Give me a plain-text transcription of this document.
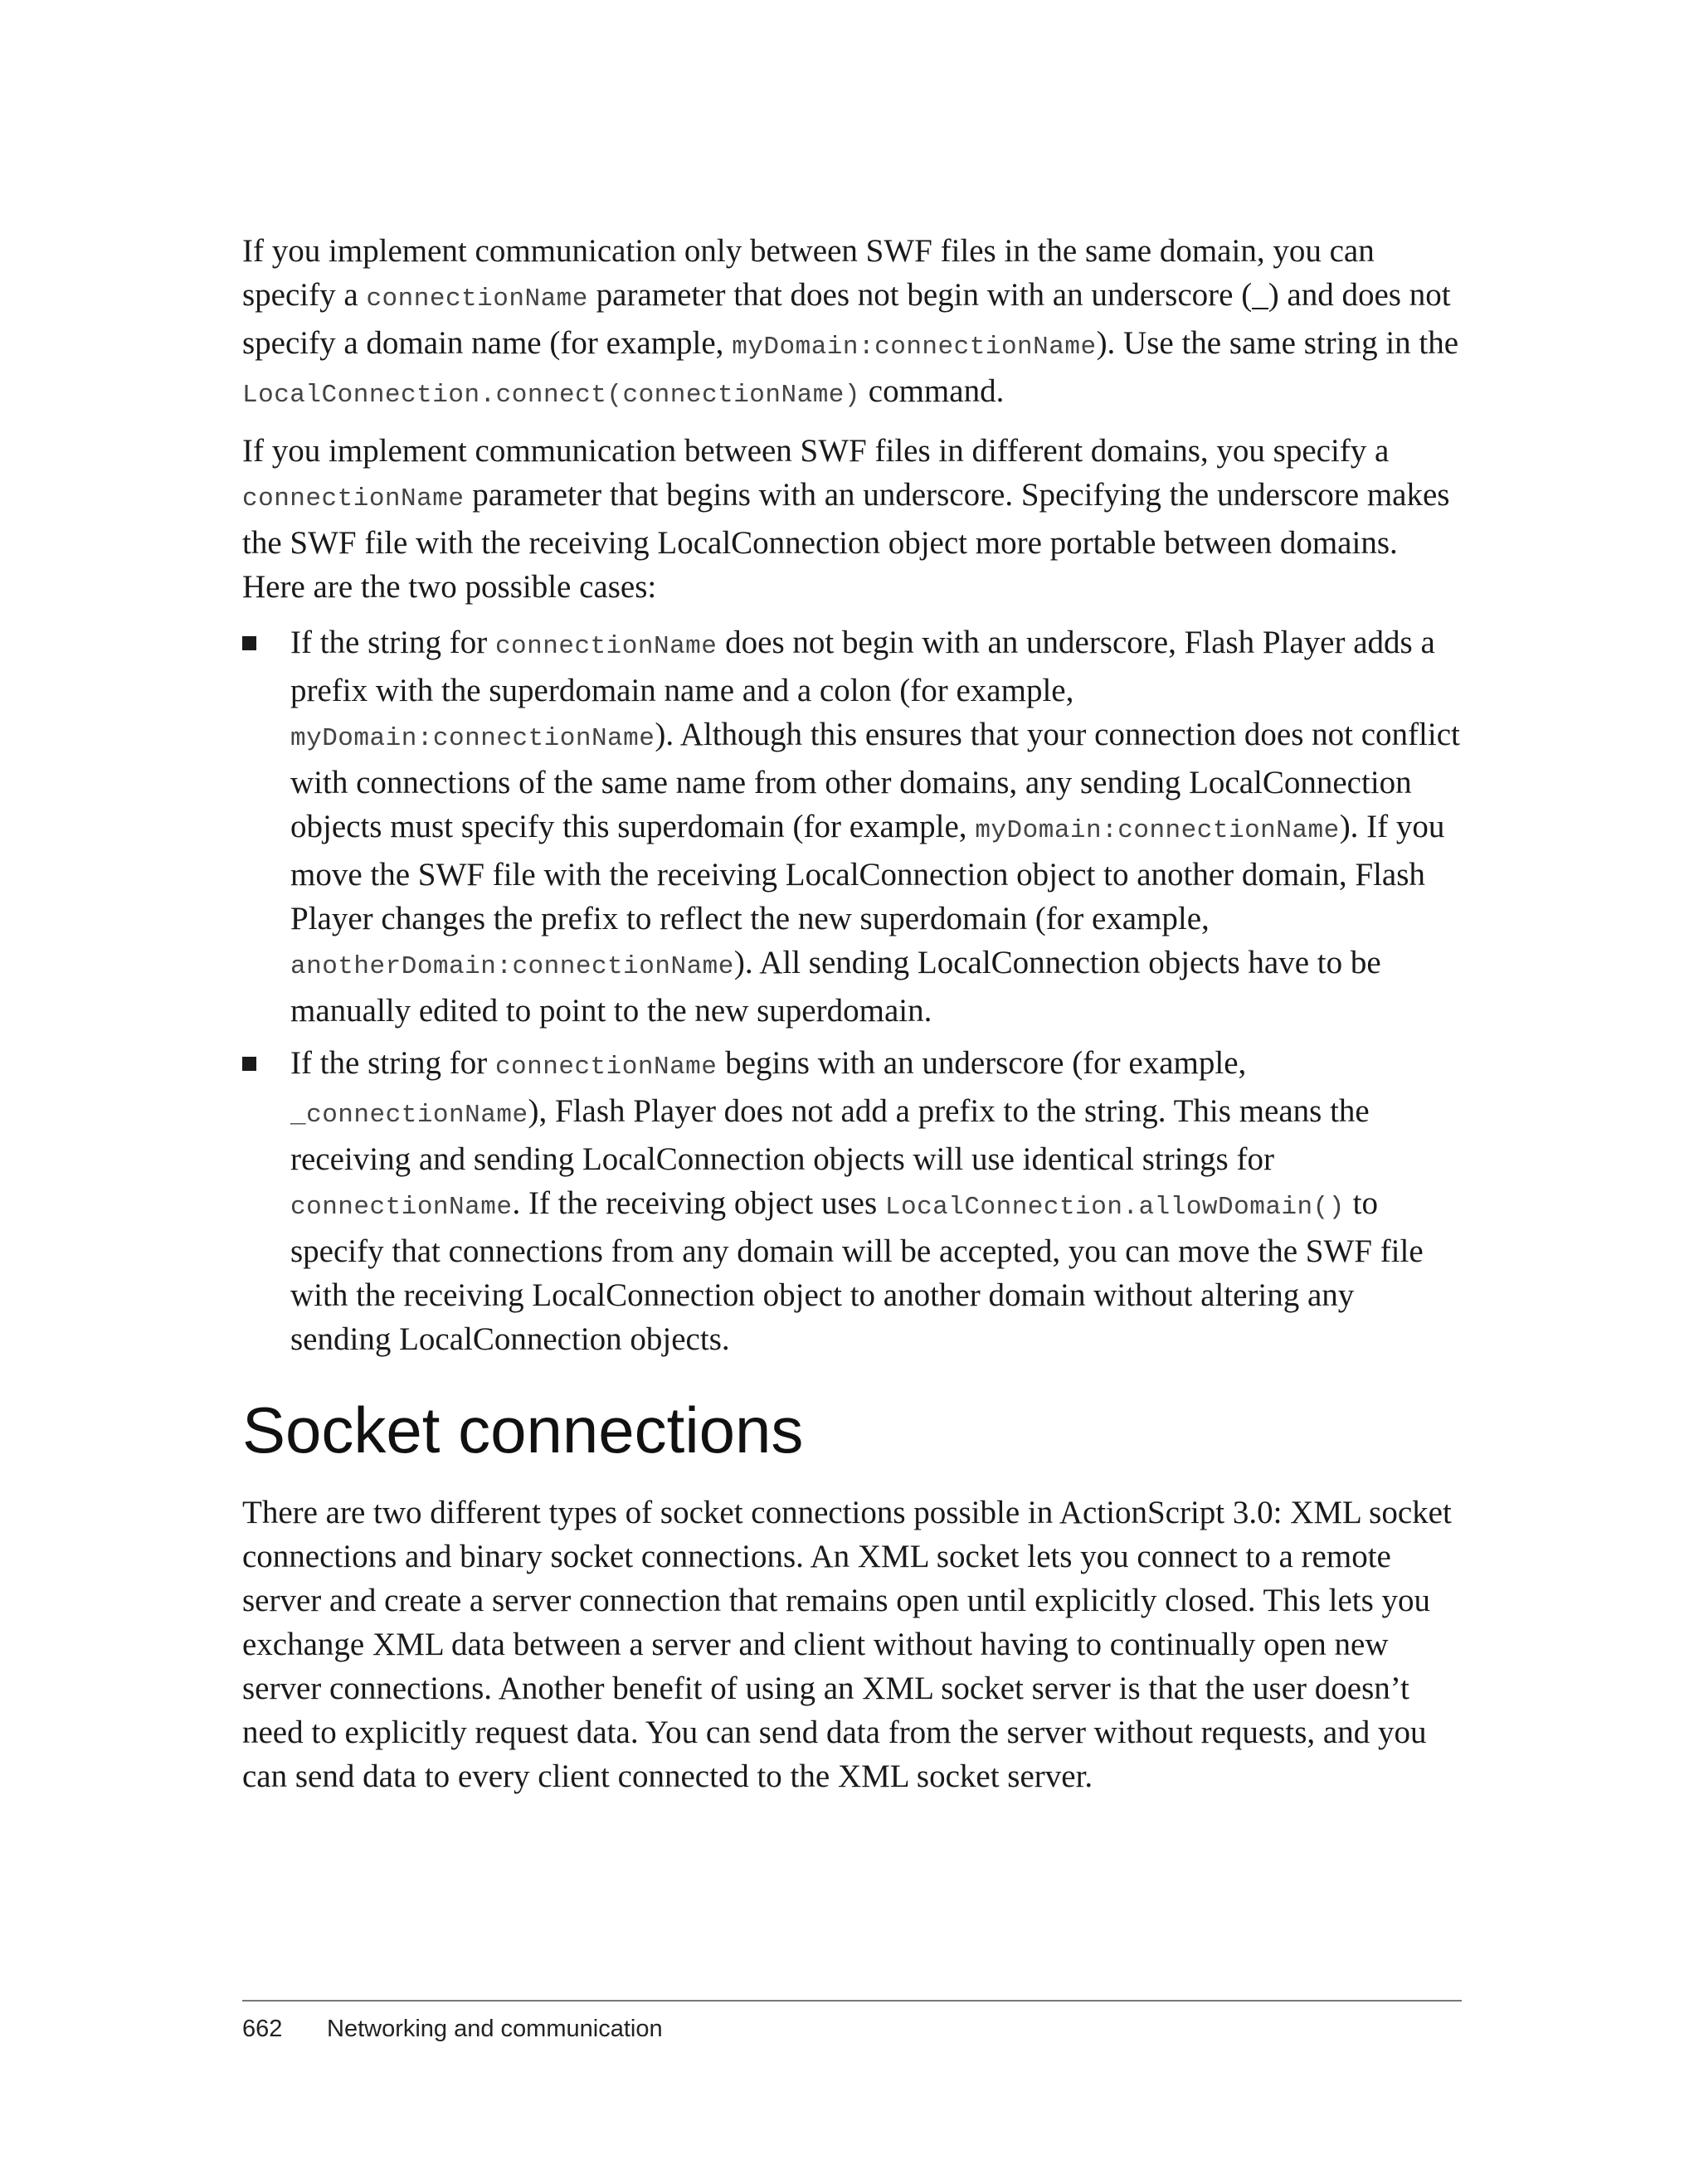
If you implement communication only between SWF files in the same domain, you can specify a connectionName parameter that does not begin with an underscore (_) and does not specify a domain name (for example, myDomain:connectionName). Use the same string in the LocalConnection.connect(connectionName) command.

If you implement communication between SWF files in different domains, you specify a connectionName parameter that begins with an underscore. Specifying the underscore makes the SWF file with the receiving LocalConnection object more portable between domains. Here are the two possible cases:

If the string for connectionName does not begin with an underscore, Flash Player adds a prefix with the superdomain name and a colon (for example, myDomain:connectionName). Although this ensures that your connection does not conflict with connections of the same name from other domains, any sending LocalConnection objects must specify this superdomain (for example, myDomain:connectionName). If you move the SWF file with the receiving LocalConnection object to another domain, Flash Player changes the prefix to reflect the new superdomain (for example, anotherDomain:connectionName). All sending LocalConnection objects have to be manually edited to point to the new superdomain.
If the string for connectionName begins with an underscore (for example, _connectionName), Flash Player does not add a prefix to the string. This means the receiving and sending LocalConnection objects will use identical strings for connectionName. If the receiving object uses LocalConnection.allowDomain() to specify that connections from any domain will be accepted, you can move the SWF file with the receiving LocalConnection object to another domain without altering any sending LocalConnection objects.
Socket connections

There are two different types of socket connections possible in ActionScript 3.0: XML socket connections and binary socket connections. An XML socket lets you connect to a remote server and create a server connection that remains open until explicitly closed. This lets you exchange XML data between a server and client without having to continually open new server connections. Another benefit of using an XML socket server is that the user doesn’t need to explicitly request data. You can send data from the server without requests, and you can send data to every client connected to the XML socket server.

662 Networking and communication
